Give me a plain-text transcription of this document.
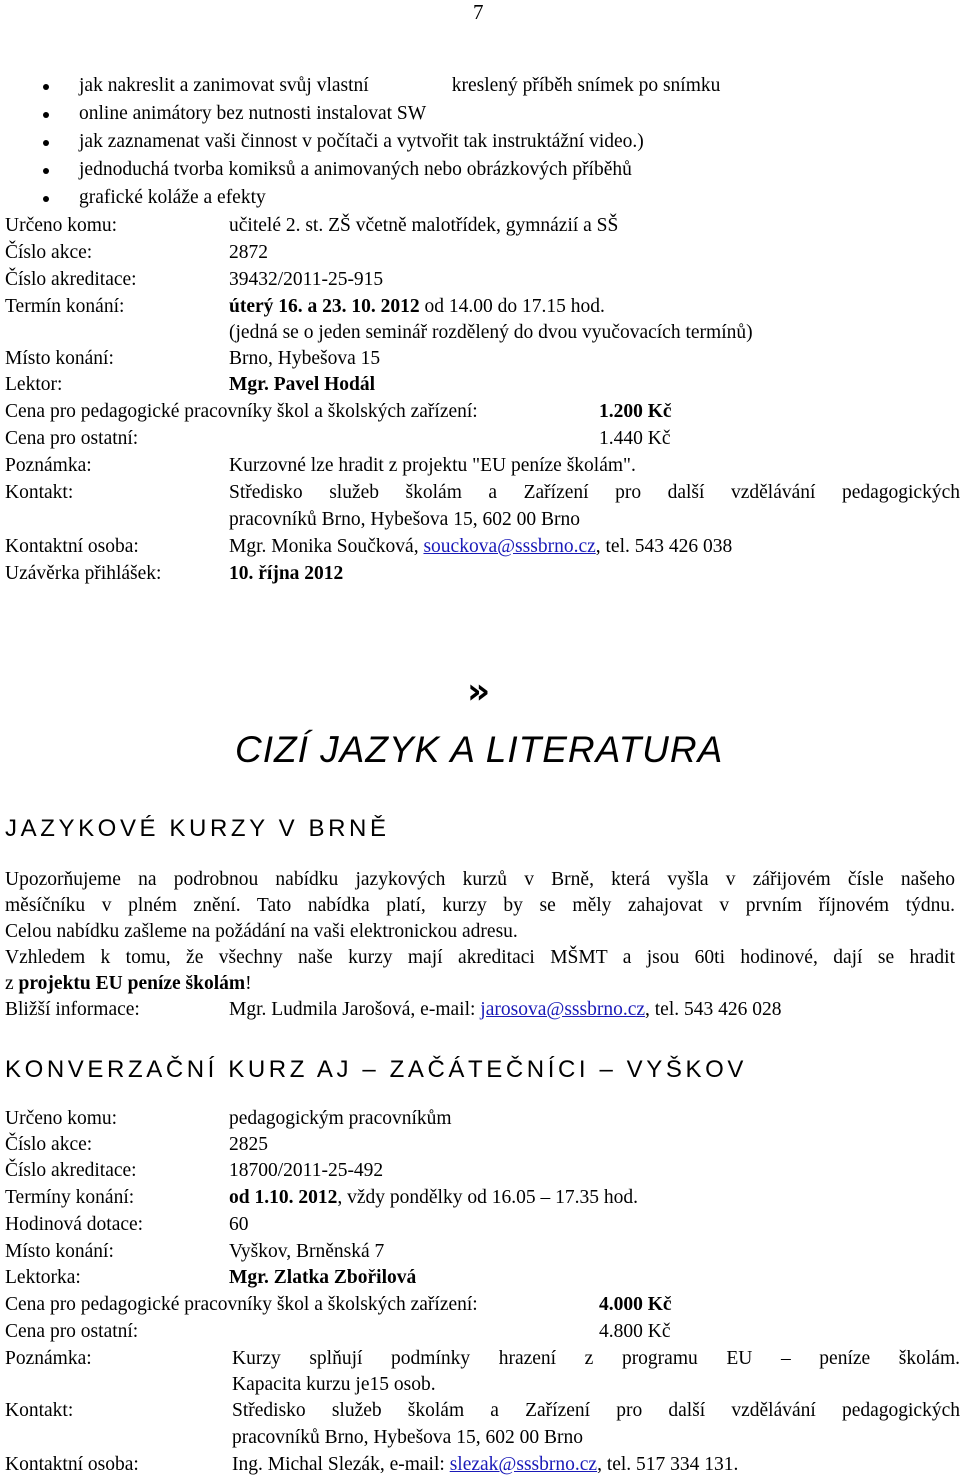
7
jak nakreslit a zanimovat svůj vlastní	kreslený příběh snímek po snímku
online animátory bez nutnosti instalovat SW
jak zaznamenat vaši činnost v počítači a vytvořit tak instruktážní video.)
jednoduchá tvorba komiksů a animovaných nebo obrázkových příběhů
grafické koláže a efekty
Určeno komu:	učitelé 2. st. ZŠ včetně malotřídek, gymnázií a SŠ
Číslo akce:	2872
Číslo akreditace:	39432/2011-25-915
Termín konání:	úterý 16. a 23. 10. 2012 od 14.00 do 17.15 hod.
(jedná se o jeden seminář rozdělený do dvou vyučovacích termínů)
Místo konání:	Brno, Hybešova 15
Lektor:	Mgr. Pavel Hodál
Cena pro pedagogické pracovníky škol a školských zařízení:	1.200 Kč
Cena pro ostatní:	1.440 Kč
Poznámka:	Kurzovné lze hradit z projektu "EU peníze školám".
Kontakt:	Středisko služeb školám a Zařízení pro další vzdělávání pedagogických
pracovníků Brno, Hybešova 15, 602 00 Brno
Kontaktní osoba:	Mgr. Monika Součková, souckova@sssbrno.cz, tel. 543 426 038
Uzávěrka přihlášek:	10. října 2012
»
CIZÍ JAZYK A LITERATURA
JAZYKOVÉ KURZY V BRNĚ
Upozorňujeme na podrobnou nabídku jazykových kurzů v Brně, která vyšla v zářijovém čísle našeho
měsíčníku v plném znění. Tato nabídka platí, kurzy by se měly zahajovat v prvním říjnovém týdnu.
Celou nabídku zašleme na požádání na vaši elektronickou adresu.
Vzhledem k tomu, že všechny naše kurzy mají akreditaci MŠMT a jsou 60ti hodinové, dají se hradit
z projektu EU peníze školám!
Bližší informace:	Mgr. Ludmila Jarošová, e-mail: jarosova@sssbrno.cz, tel. 543 426 028
KONVERZAČNÍ KURZ AJ – ZAČÁTEČNÍCI – VYŠKOV
Určeno komu:	pedagogickým pracovníkům
Číslo akce:	2825
Číslo akreditace:	18700/2011-25-492
Termíny konání:	od 1.10. 2012, vždy pondělky od 16.05 – 17.35 hod.
Hodinová dotace:	60
Místo konání:	Vyškov, Brněnská 7
Lektorka:	Mgr. Zlatka Zbořilová
Cena pro pedagogické pracovníky škol a školských zařízení:	4.000 Kč
Cena pro ostatní:	4.800 Kč
Poznámka:	Kurzy splňují podmínky hrazení z programu EU – peníze školám.
Kapacita kurzu je15 osob.
Kontakt:	Středisko služeb školám a Zařízení pro další vzdělávání pedagogických
pracovníků Brno, Hybešova 15, 602 00 Brno
Kontaktní osoba:	Ing. Michal Slezák, e-mail: slezak@sssbrno.cz, tel. 517 334 131.
